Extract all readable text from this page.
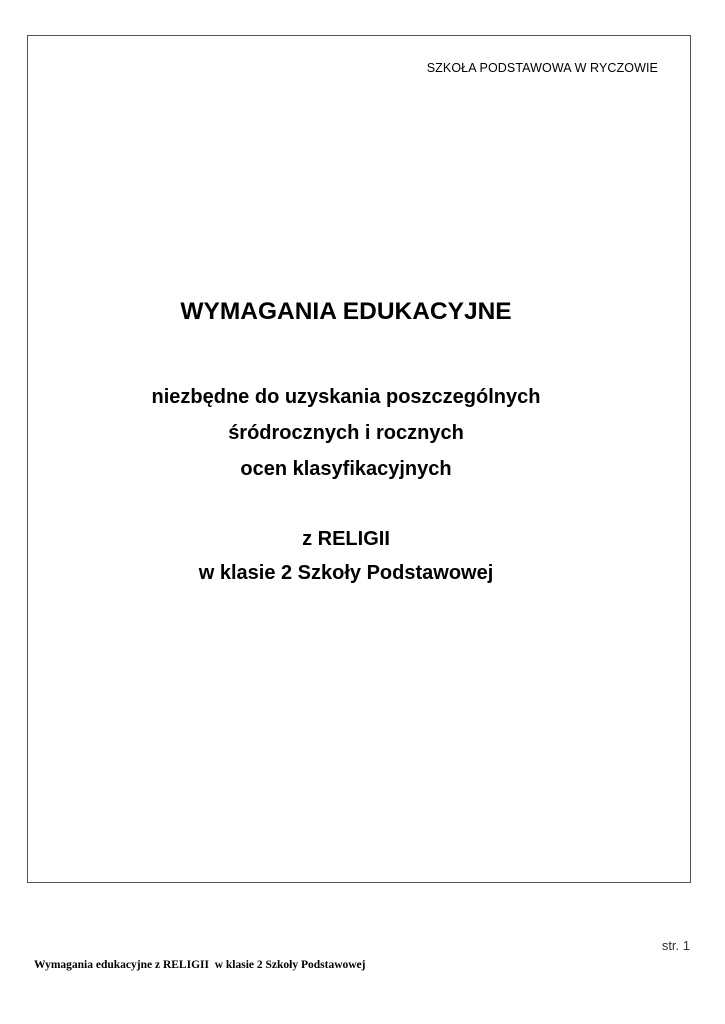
SZKOŁA PODSTAWOWA W RYCZOWIE
WYMAGANIA EDUKACYJNE
niezbędne do uzyskania poszczególnych
śródrocznych i rocznych
ocen klasyfikacyjnych
z RELIGII
w klasie 2 Szkoły Podstawowej
str. 1
Wymagania edukacyjne z RELIGII  w klasie 2 Szkoły Podstawowej
